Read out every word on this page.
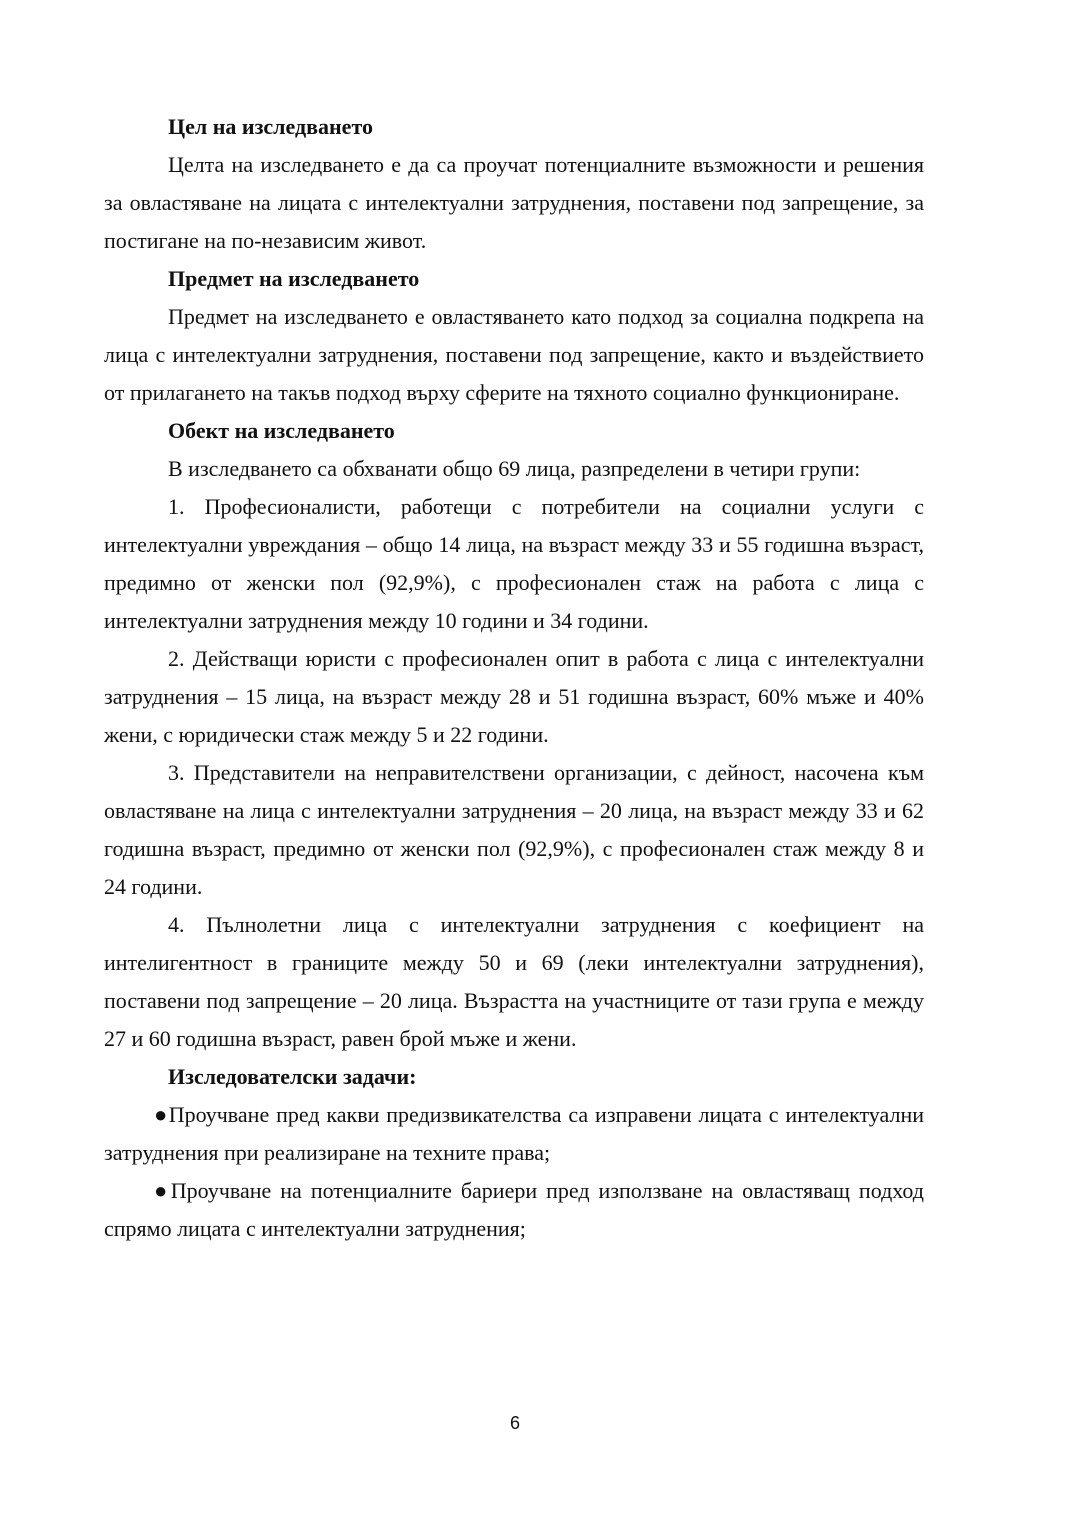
Цел на изследването

Целта на изследването е да са проучат потенциалните възможности и решения за овластяване на лицата с интелектуални затруднения, поставени под запрещение, за постигане на по-независим живот.

Предмет на изследването

Предмет на изследването е овластяването като подход за социална подкрепа на лица с интелектуални затруднения, поставени под запрещение, както и въздействието от прилагането на такъв подход върху сферите на тяхното социално функциониране.

Обект на изследването

В изследването са обхванати общо 69 лица, разпределени в четири групи:

1. Професионалисти, работещи с потребители на социални услуги с интелектуални увреждания – общо 14 лица, на възраст между 33 и 55 годишна възраст, предимно от женски пол (92,9%), с професионален стаж на работа с лица с интелектуални затруднения между 10 години и 34 години.

2. Действащи юристи с професионален опит в работа с лица с интелектуални затруднения – 15 лица, на възраст между 28 и 51 годишна възраст, 60% мъже и 40% жени, с юридически стаж между 5 и 22 години.

3. Представители на неправителствени организации, с дейност, насочена към овластяване на лица с интелектуални затруднения – 20 лица, на възраст между 33 и 62 годишна възраст, предимно от женски пол (92,9%), с професионален стаж между 8 и 24 години.

4. Пълнолетни лица с интелектуални затруднения с коефициент на интелигентност в границите между 50 и 69 (леки интелектуални затруднения), поставени под запрещение – 20 лица. Възрастта на участниците от тази група е между 27 и 60 годишна възраст, равен брой мъже и жени.

Изследователски задачи:

●Проучване пред какви предизвикателства са изправени лицата с интелектуални затруднения при реализиране на техните права;

●Проучване на потенциалните бариери пред използване на овластяващ подход спрямо лицата с интелектуални затруднения;

6
